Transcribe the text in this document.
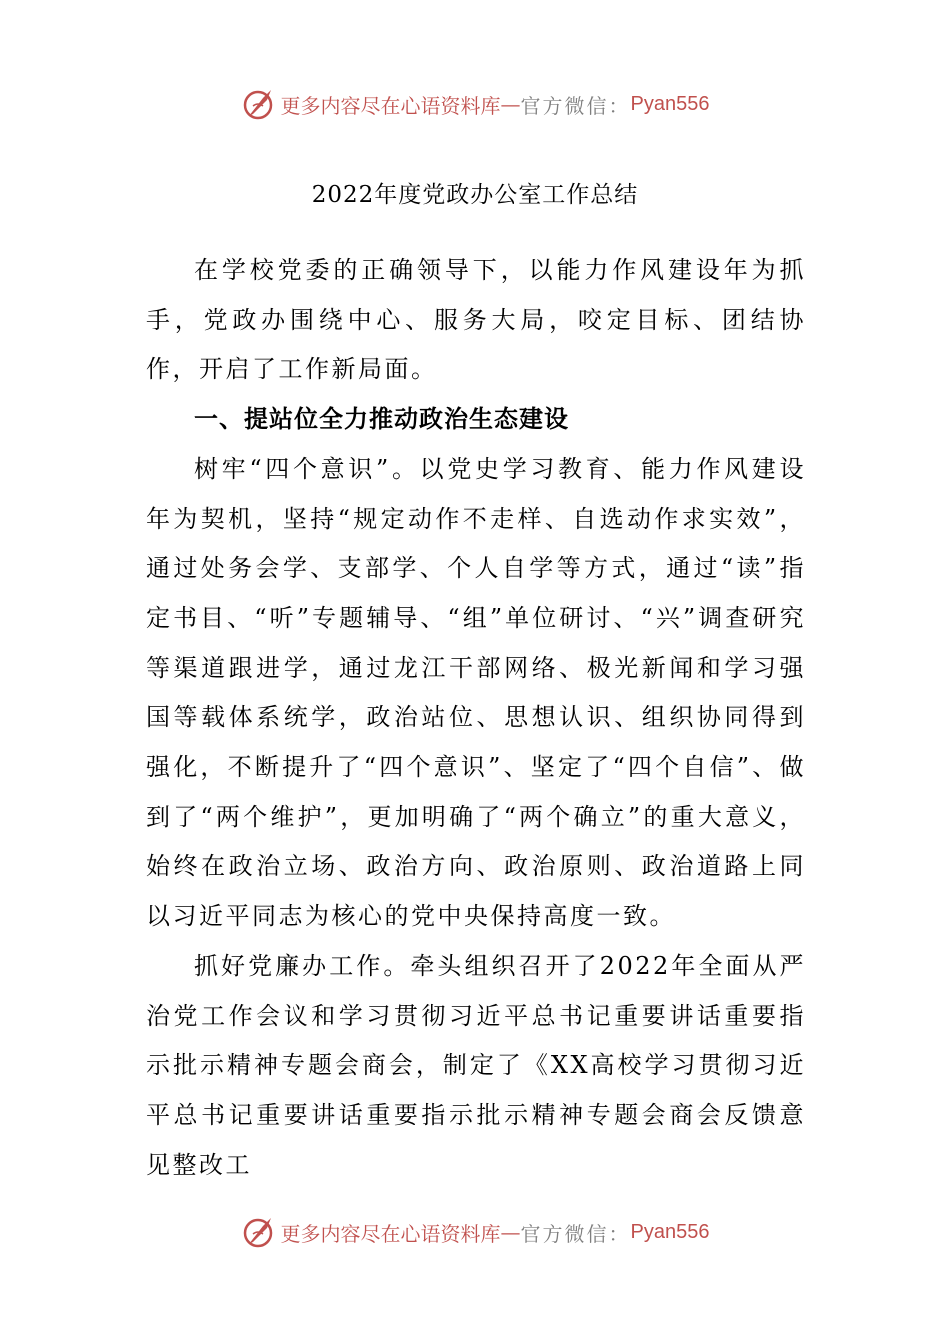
更多内容尽在心语资料库 — 官方微信： Pyan556
2022年度党政办公室工作总结

在学校党委的正确领导下，以能力作风建设年为抓手，党政办围绕中心、服务大局，咬定目标、团结协作，开启了工作新局面。

一、提站位全力推动政治生态建设

树牢“四个意识”。以党史学习教育、能力作风建设年为契机，坚持“规定动作不走样、自选动作求实效”，通过处务会学、支部学、个人自学等方式，通过“读”指定书目、“听”专题辅导、“组”单位研讨、“兴”调查研究等渠道跟进学，通过龙江干部网络、极光新闻和学习强国等载体系统学，政治站位、思想认识、组织协同得到强化，不断提升了“四个意识”、坚定了“四个自信”、做到了“两个维护”，更加明确了“两个确立”的重大意义，始终在政治立场、政治方向、政治原则、政治道路上同以习近平同志为核心的党中央保持高度一致。

抓好党廉办工作。牵头组织召开了2022年全面从严治党工作会议和学习贯彻习近平总书记重要讲话重要指示批示精神专题会商会，制定了《XX高校学习贯彻习近平总书记重要讲话重要指示批示精神专题会商会反馈意见整改工

更多内容尽在心语资料库 — 官方微信： Pyan556
